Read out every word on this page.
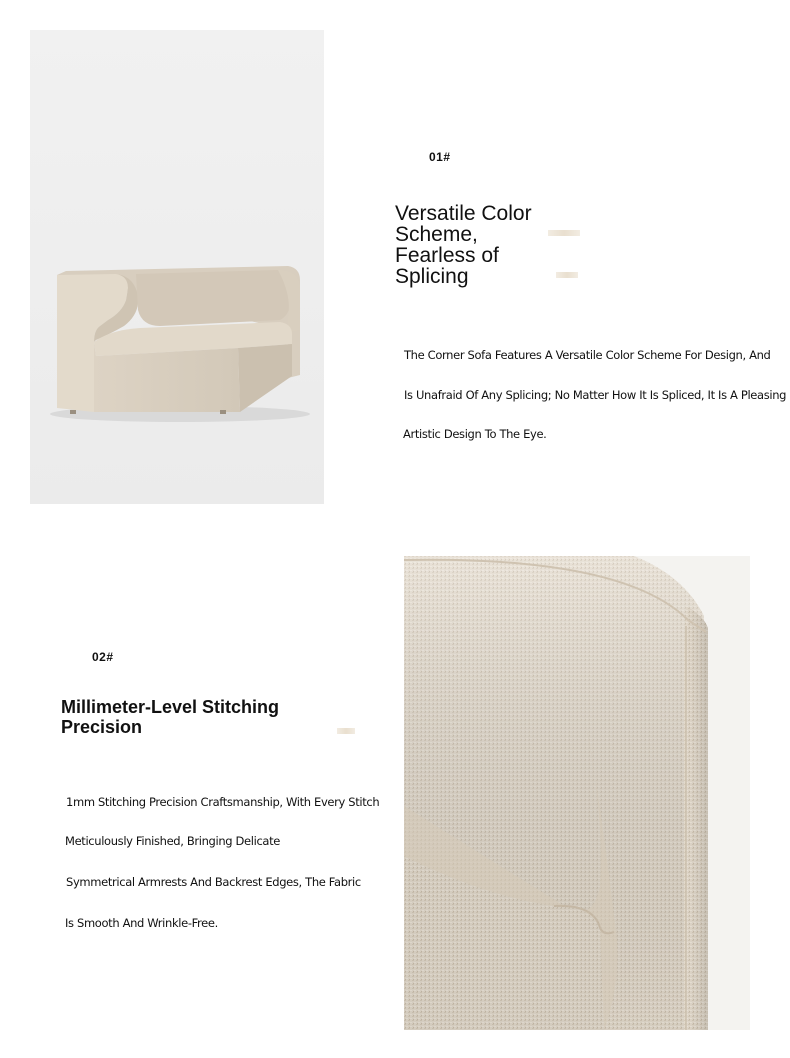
01#
Versatile Color
Scheme,
Fearless of
Splicing
The Corner Sofa Features A Versatile Color Scheme For Design, And
Is Unafraid Of Any Splicing; No Matter How It Is Spliced, It Is A Pleasing
Artistic Design To The Eye.
02#
Millimeter-Level Stitching
Precision
1mm Stitching Precision Craftsmanship, With Every Stitch
Meticulously Finished, Bringing Delicate
Symmetrical Armrests And Backrest Edges, The Fabric
Is Smooth And Wrinkle-Free.
